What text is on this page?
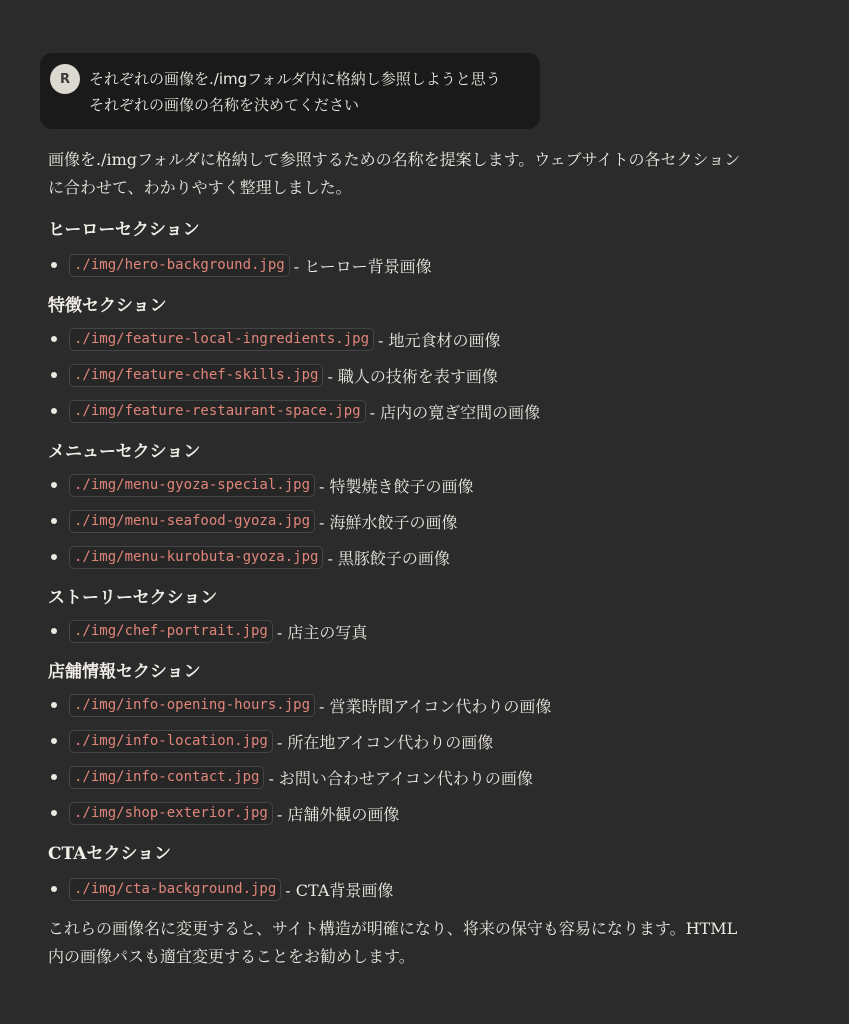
R	それぞれの画像を./imgフォルダ内に格納し参照しようと思う
それぞれの画像の名称を決めてください

画像を./imgフォルダに格納して参照するための名称を提案します。ウェブサイトの各セクション
に合わせて、わかりやすく整理しました。

ヒーローセクション
./img/hero-background.jpg - ヒーロー背景画像
特徴セクション
./img/feature-local-ingredients.jpg - 地元食材の画像
./img/feature-chef-skills.jpg - 職人の技術を表す画像
./img/feature-restaurant-space.jpg - 店内の寛ぎ空間の画像
メニューセクション
./img/menu-gyoza-special.jpg - 特製焼き餃子の画像
./img/menu-seafood-gyoza.jpg - 海鮮水餃子の画像
./img/menu-kurobuta-gyoza.jpg - 黒豚餃子の画像
ストーリーセクション
./img/chef-portrait.jpg - 店主の写真
店舗情報セクション
./img/info-opening-hours.jpg - 営業時間アイコン代わりの画像
./img/info-location.jpg - 所在地アイコン代わりの画像
./img/info-contact.jpg - お問い合わせアイコン代わりの画像
./img/shop-exterior.jpg - 店舗外観の画像
CTAセクション
./img/cta-background.jpg - CTA背景画像

これらの画像名に変更すると、サイト構造が明確になり、将来の保守も容易になります。HTML
内の画像パスも適宜変更することをお勧めします。
